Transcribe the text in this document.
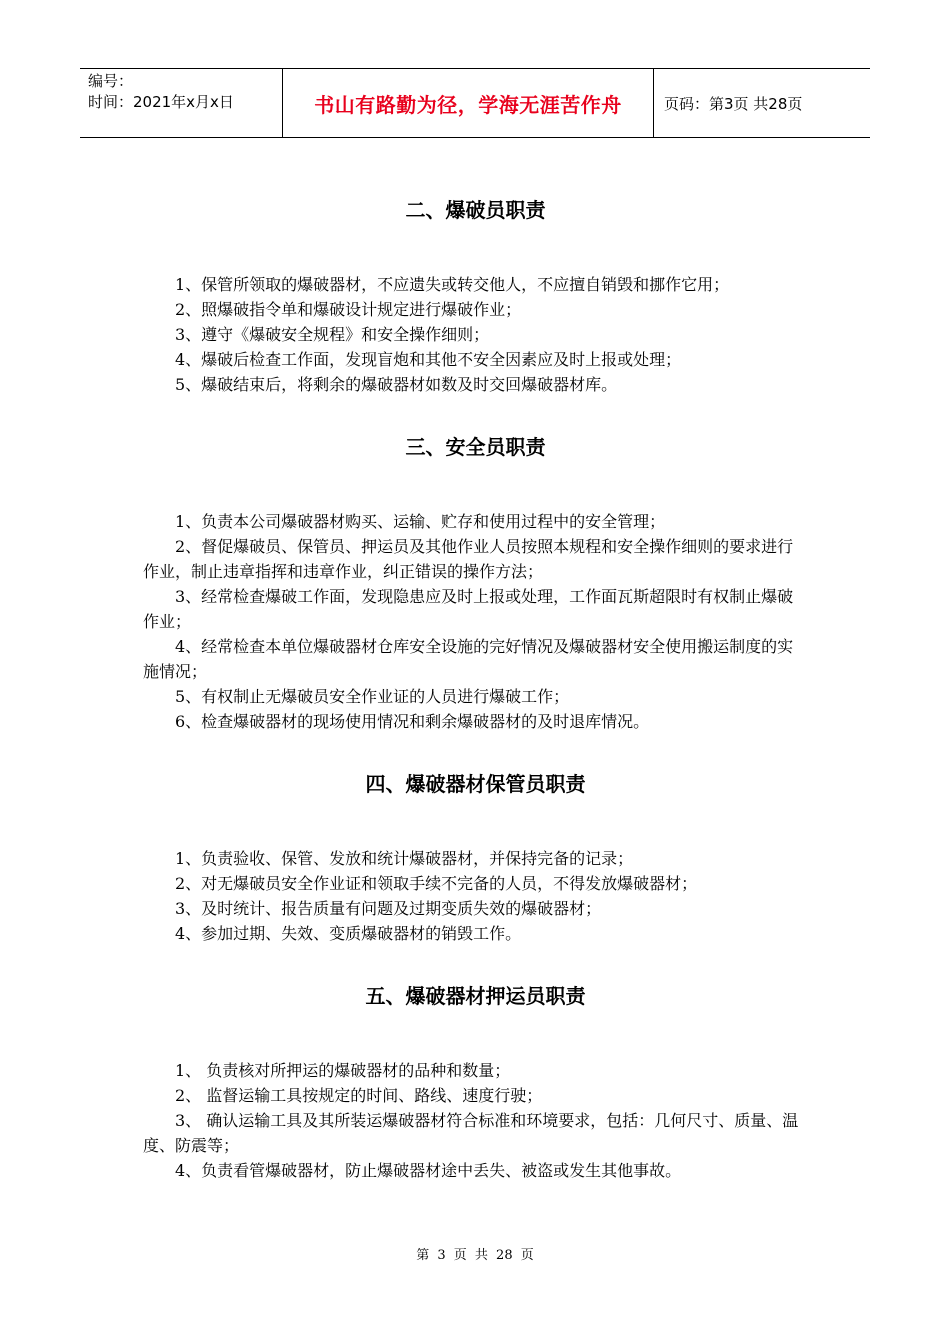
编号：
时间：2021年x月x日	书山有路勤为径，学海无涯苦作舟	页码：第3页 共28页
二、爆破员职责
1、保管所领取的爆破器材，不应遗失或转交他人，不应擅自销毁和挪作它用；
2、照爆破指令单和爆破设计规定进行爆破作业；
3、遵守《爆破安全规程》和安全操作细则；
4、爆破后检查工作面，发现盲炮和其他不安全因素应及时上报或处理；
5、爆破结束后，将剩余的爆破器材如数及时交回爆破器材库。
三、安全员职责
1、负责本公司爆破器材购买、运输、贮存和使用过程中的安全管理；
2、督促爆破员、保管员、押运员及其他作业人员按照本规程和安全操作细则的要求进行作业，制止违章指挥和违章作业，纠正错误的操作方法；
3、经常检查爆破工作面，发现隐患应及时上报或处理，工作面瓦斯超限时有权制止爆破作业；
4、经常检查本单位爆破器材仓库安全设施的完好情况及爆破器材安全使用搬运制度的实施情况；
5、有权制止无爆破员安全作业证的人员进行爆破工作；
6、检查爆破器材的现场使用情况和剩余爆破器材的及时退库情况。
四、爆破器材保管员职责
1、负责验收、保管、发放和统计爆破器材，并保持完备的记录；
2、对无爆破员安全作业证和领取手续不完备的人员，不得发放爆破器材；
3、及时统计、报告质量有问题及过期变质失效的爆破器材；
4、参加过期、失效、变质爆破器材的销毁工作。
五、爆破器材押运员职责
1、 负责核对所押运的爆破器材的品种和数量；
2、 监督运输工具按规定的时间、路线、速度行驶；
3、 确认运输工具及其所装运爆破器材符合标准和环境要求，包括：几何尺寸、质量、温度、防震等；
4、负责看管爆破器材，防止爆破器材途中丢失、被盗或发生其他事故。
第 3 页 共 28 页
